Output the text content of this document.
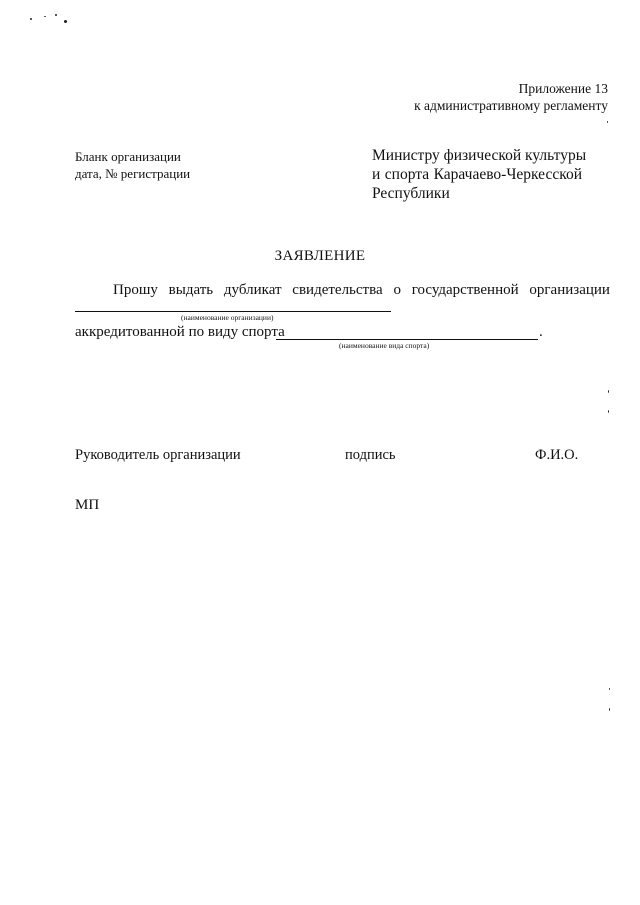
Приложение 13
к административному регламенту
Бланк организации
дата, № регистрации
Министру физической культуры
и спорта Карачаево-Черкесской
Республики
ЗАЯВЛЕНИЕ
Прошу выдать дубликат свидетельства о государственной организации
(наименование организации)
аккредитованной по виду спорта	.
(наименование вида спорта)
Руководитель организации	подпись	Ф.И.О.
МП
